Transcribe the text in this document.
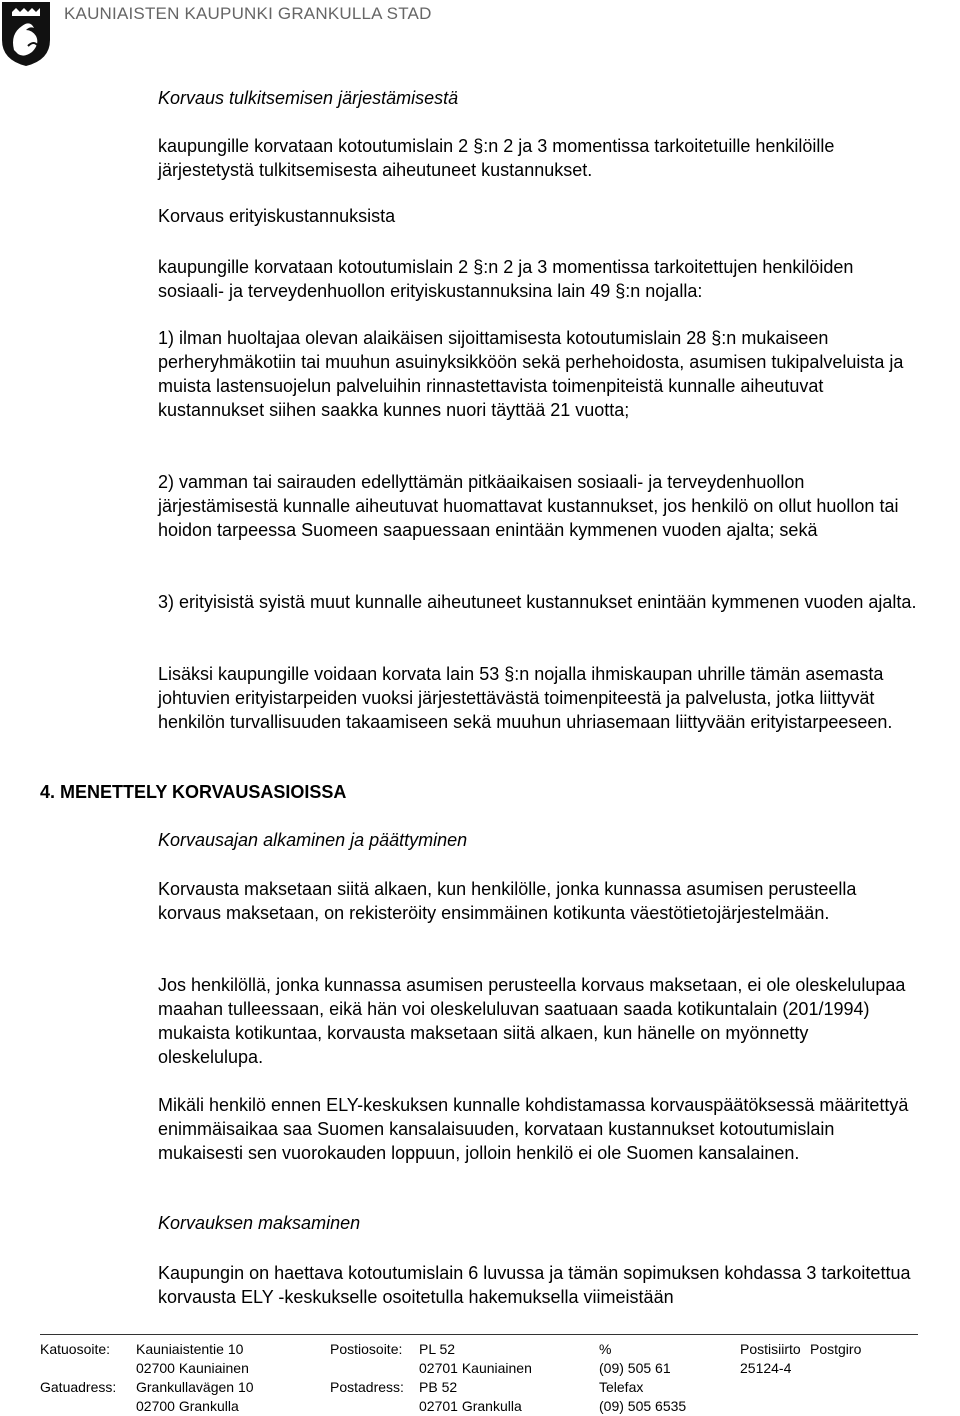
KAUNIAISTEN KAUPUNKI GRANKULLA STAD
Korvaus tulkitsemisen järjestämisestä
kaupungille korvataan kotoutumislain 2 §:n 2 ja 3 momentissa tarkoitetuille henkilöille järjestetystä tulkitsemisesta aiheutuneet kustannukset.
Korvaus erityiskustannuksista
kaupungille korvataan kotoutumislain 2 §:n 2 ja 3 momentissa tarkoitettujen henkilöiden sosiaali- ja terveydenhuollon erityiskustannuksina lain 49 §:n nojalla:
1) ilman huoltajaa olevan alaikäisen sijoittamisesta kotoutumislain 28 §:n mukaiseen perheryhmäkotiin tai muuhun asuinyksikköön sekä perhehoidosta, asumisen tukipalveluista ja muista lastensuojelun palveluihin rinnastettavista toimenpiteistä kunnalle aiheutuvat kustannukset siihen saakka kunnes nuori täyttää 21 vuotta;
2) vamman tai sairauden edellyttämän pitkäaikaisen sosiaali- ja terveydenhuollon järjestämisestä kunnalle aiheutuvat huomattavat kustannukset, jos henkilö on ollut huollon tai hoidon tarpeessa Suomeen saapuessaan enintään kymmenen vuoden ajalta; sekä
3) erityisistä syistä muut kunnalle aiheutuneet kustannukset enintään kymmenen vuoden ajalta.
Lisäksi kaupungille voidaan korvata lain 53 §:n nojalla ihmiskaupan uhrille tämän asemasta johtuvien erityistarpeiden vuoksi järjestettävästä toimenpiteestä ja palvelusta, jotka liittyvät henkilön turvallisuuden takaamiseen sekä muuhun uhriasemaan liittyvään erityistarpeeseen.
4. MENETTELY KORVAUSASIOISSA
Korvausajan alkaminen ja päättyminen
Korvausta maksetaan siitä alkaen, kun henkilölle, jonka kunnassa asumisen perusteella korvaus maksetaan, on rekisteröity ensimmäinen kotikunta väestötietojärjestelmään.
Jos henkilöllä, jonka kunnassa asumisen perusteella korvaus maksetaan, ei ole oleskelulupaa maahan tulleessaan, eikä hän voi oleskeluluvan saatuaan saada kotikuntalain (201/1994) mukaista kotikuntaa, korvausta maksetaan siitä alkaen, kun hänelle on myönnetty oleskelulupa.
Mikäli henkilö ennen ELY-keskuksen kunnalle kohdistamassa korvauspäätöksessä määritettyä enimmäisaikaa saa Suomen kansalaisuuden, korvataan kustannukset kotoutumislain mukaisesti sen vuorokauden loppuun, jolloin henkilö ei ole Suomen kansalainen.
Korvauksen maksaminen
Kaupungin on haettava kotoutumislain 6 luvussa ja tämän sopimuksen kohdassa 3 tarkoitettua korvausta ELY -keskukselle osoitetulla hakemuksella viimeistään
Katuosoite: Kauniaistentie 10	Postiosoite: PL 52	%	Postisiirto Postgiro
02700 Kauniainen	02701 Kauniainen	(09) 505 61	25124-4
Gatuadress: Grankullavägen 10	Postadress: PB 52	Telefax
02700 Grankulla	02701 Grankulla	(09) 505 6535
